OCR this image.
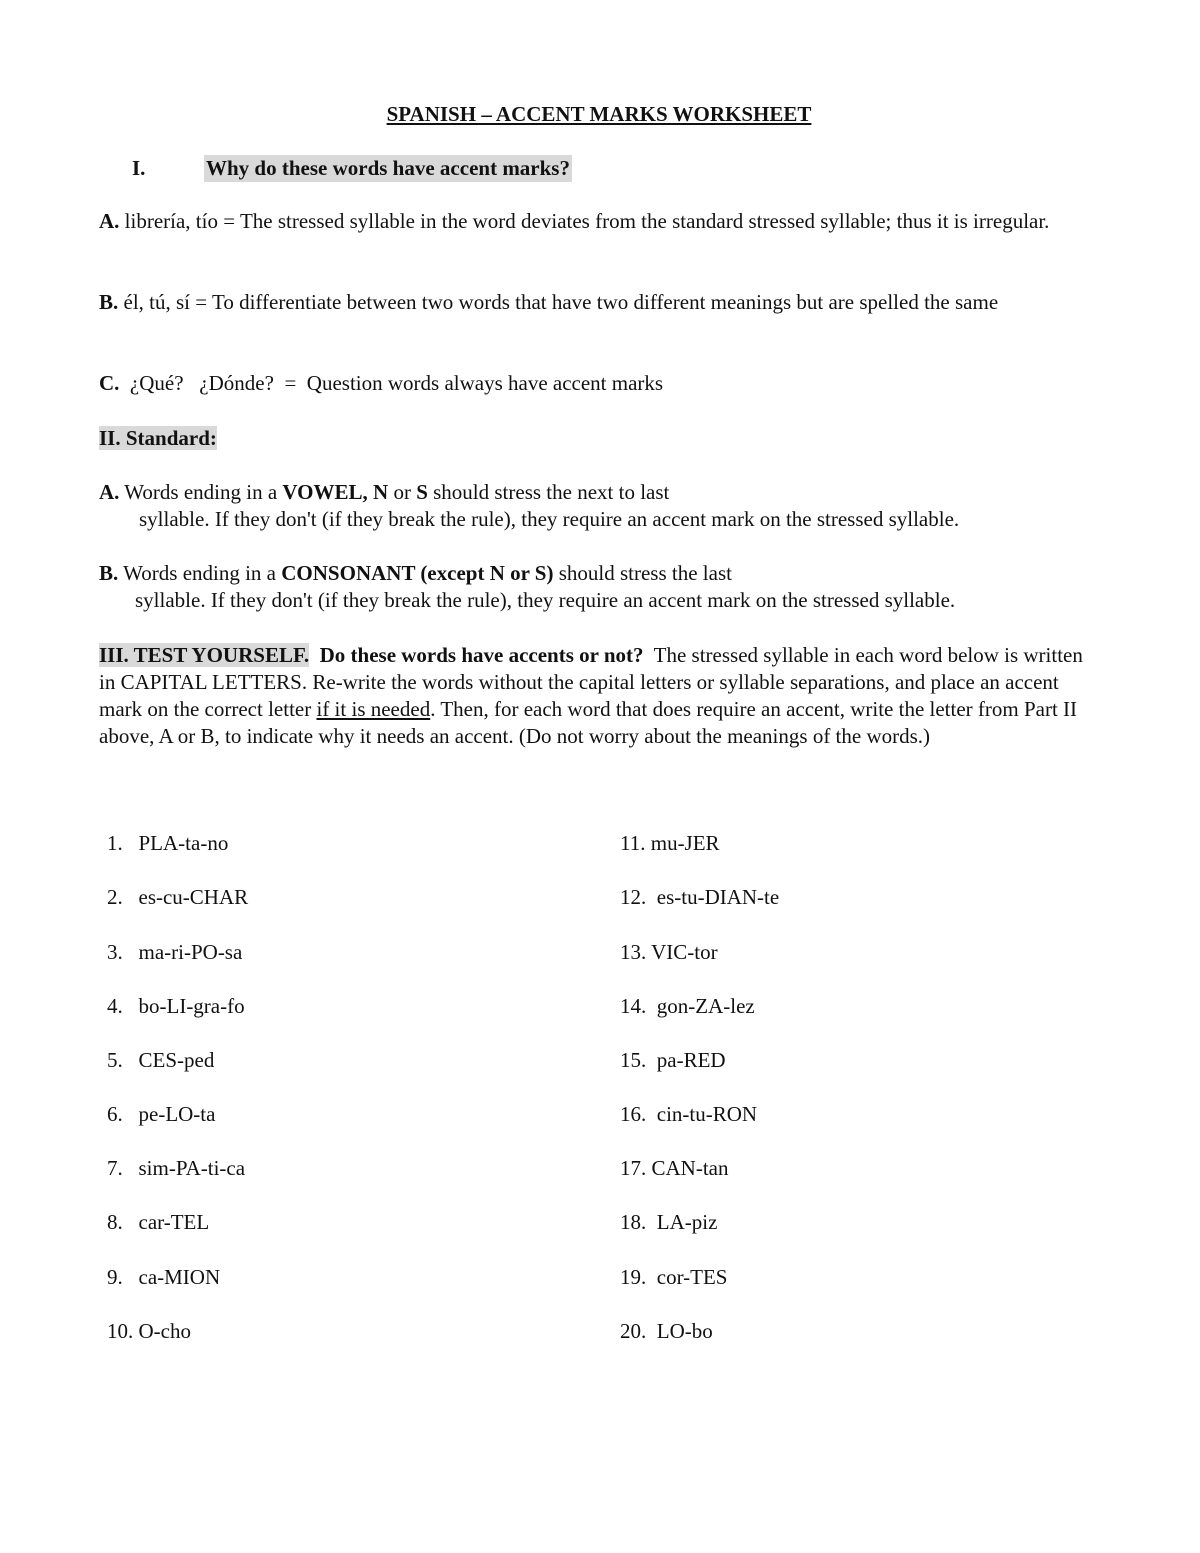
SPANISH – ACCENT MARKS WORKSHEET
I.	Why do these words have accent marks?
A. librería, tío = The stressed syllable in the word deviates from the standard stressed syllable; thus it is irregular.
B. él, tú, sí = To differentiate between two words that have two different meanings but are spelled the same
C. ¿Qué?   ¿Dónde? = Question words always have accent marks
II. Standard:
A. Words ending in a VOWEL, N or S should stress the next to last
syllable. If they don't (if they break the rule), they require an accent mark on the stressed syllable.
B. Words ending in a CONSONANT (except N or S) should stress the last
syllable. If they don't (if they break the rule), they require an accent mark on the stressed syllable.
III. TEST YOURSELF. Do these words have accents or not? The stressed syllable in each word below is written in CAPITAL LETTERS. Re-write the words without the capital letters or syllable separations, and place an accent mark on the correct letter if it is needed. Then, for each word that does require an accent, write the letter from Part II above, A or B, to indicate why it needs an accent. (Do not worry about the meanings of the words.)
1. PLA-ta-no
2. es-cu-CHAR
3. ma-ri-PO-sa
4. bo-LI-gra-fo
5. CES-ped
6. pe-LO-ta
7. sim-PA-ti-ca
8. car-TEL
9. ca-MION
10. O-cho
11. mu-JER
12. es-tu-DIAN-te
13. VIC-tor
14. gon-ZA-lez
15. pa-RED
16. cin-tu-RON
17. CAN-tan
18. LA-piz
19. cor-TES
20. LO-bo
